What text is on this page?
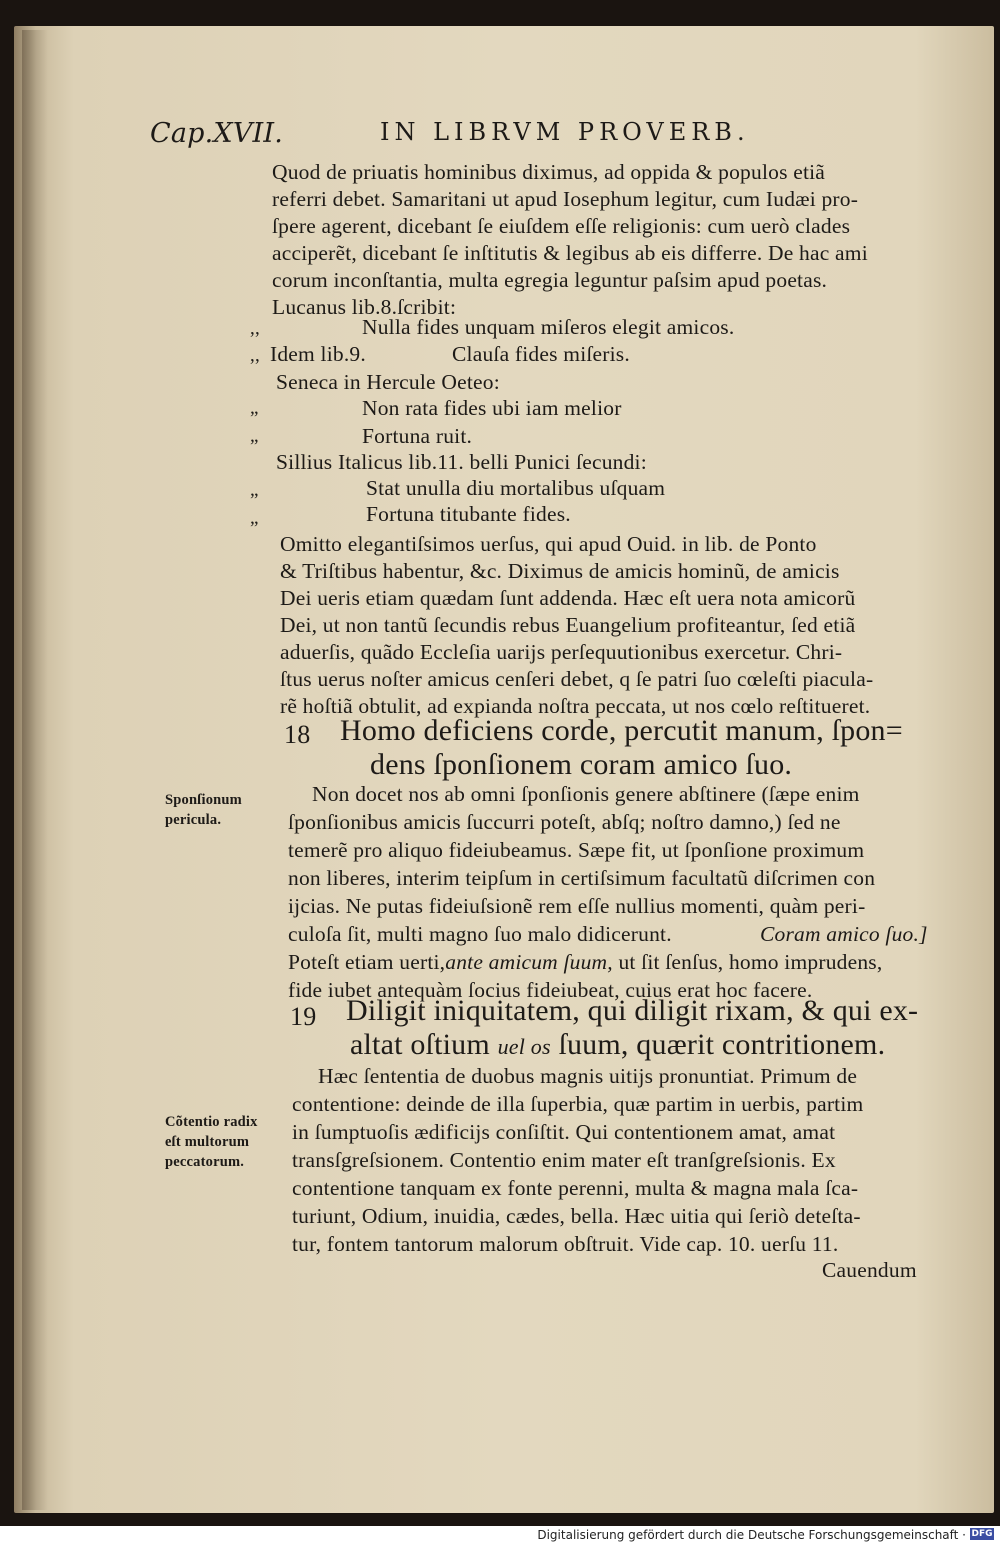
Cap.XVII.	IN LIBRVM PROVERB.
Quod de priuatis hominibus diximus, ad oppida & populos etiã
referri debet. Samaritani ut apud Iosephum legitur, cum Iudæi pro-
ſpere agerent, dicebant ſe eiuſdem eſſe religionis: cum uerò clades
acciperẽt, dicebant ſe inſtitutis & legibus ab eis differre. De hac ami
corum inconſtantia, multa egregia leguntur paſsim apud poetas.
Lucanus lib.8.ſcribit:
,,	Nulla fides unquam miſeros elegit amicos.
,, Idem lib.9.	Clauſa fides miſeris.
Seneca in Hercule Oeteo:
Non rata fides ubi iam melior
”
Fortuna ruit.
”
Sillius Italicus lib.11. belli Punici ſecundi:
Stat unulla diu mortalibus uſquam
”
Fortuna titubante fides.
”
Omitto elegantiſsimos uerſus, qui apud Ouid. in lib. de Ponto
& Triſtibus habentur, &c. Diximus de amicis hominũ, de amicis
Dei ueris etiam quædam ſunt addenda. Hæc eſt uera nota amicorũ
Dei, ut non tantũ ſecundis rebus Euangelium profiteantur, ſed etiã
aduerſis, quãdo Eccleſia uarijs perſequutionibus exercetur. Chri-
ſtus uerus noſter amicus cenſeri debet, q ſe patri ſuo cœleſti piacula-
rẽ hoſtiã obtulit, ad expianda noſtra peccata, ut nos cœlo reſtitueret.
18 Homo deficiens corde, percutit manum, ſpon=
dens ſponſionem coram amico ſuo.
Sponſionum
pericula.
Non docet nos ab omni ſponſionis genere abſtinere (ſæpe enim
ſponſionibus amicis ſuccurri poteſt, abſq; noſtro damno,) ſed ne
temerẽ pro aliquo fideiubeamus. Sæpe fit, ut ſponſione proximum
non liberes, interim teipſum in certiſsimum facultatũ diſcrimen con
ijcias. Ne putas fideiuſsionẽ rem eſſe nullius momenti, quàm peri-
culoſa ſit, multi magno ſuo malo didicerunt.	Coram amico ſuo.]
Poteſt etiam uerti,ante amicum ſuum, ut ſit ſenſus, homo imprudens,
fide iubet antequàm ſocius fideiubeat, cuius erat hoc facere.
19 Diligit iniquitatem, qui diligit rixam, & qui ex-
altat oſtium uel os ſuum, quærit contritionem.
Cõtentio radix
eſt multorum
peccatorum.
Hæc ſententia de duobus magnis uitijs pronuntiat. Primum de
contentione: deinde de illa ſuperbia, quæ partim in uerbis, partim
in ſumptuoſis ædificijs conſiſtit. Qui contentionem amat, amat
transſgreſsionem. Contentio enim mater eſt tranſgreſsionis. Ex
contentione tanquam ex fonte perenni, multa & magna mala ſca-
turiunt, Odium, inuidia, cædes, bella. Hæc uitia qui ſeriò deteſta-
tur, fontem tantorum malorum obſtruit. Vide cap. 10. uerſu 11.
Cauendum
Digitalisierung gefördert durch die Deutsche Forschungsgemeinschaft · DFG
